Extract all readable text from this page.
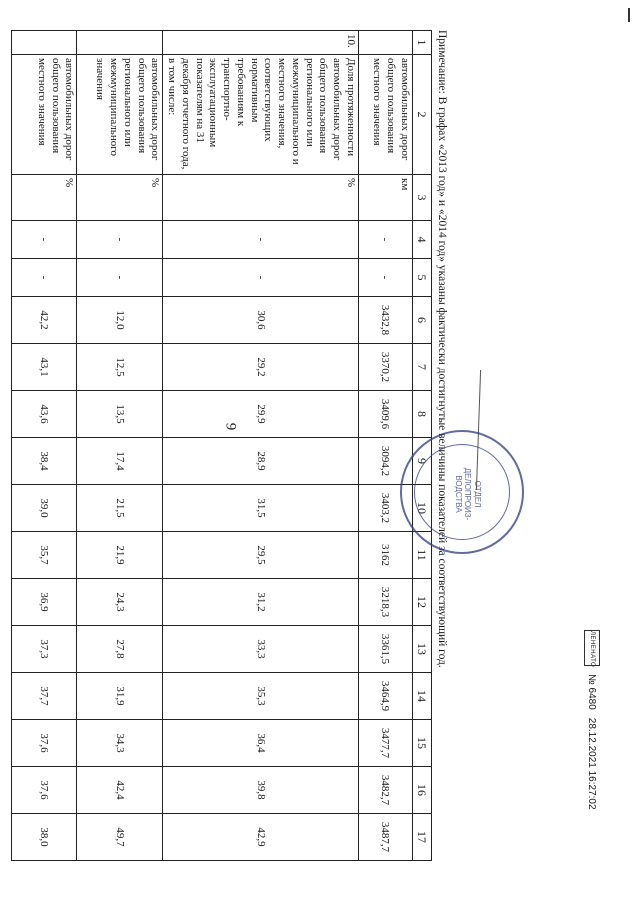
9
1	2	3	4	5	6	7	8	9	10	11	12	13	14	15	16	17
	автомобильных дорог общего пользования местного значения	км	-	-	3432,8	3370,2	3409,6	3094,2	3403,2	3162	3218,3	3361,5	3464,9	3477,7	3482,7	3487,7
10.	Доля протяженности автомобильных дорог общего пользования регионального или межмуниципального и местного значения, соответствующих нормативным требованиям к транспортно-эксплуатационным показателям на 31 декабря отчетного года, в том числе:	%	-	-	30,6	29,2	29,9	28,9	31,5	29,5	31,2	33,3	35,3	36,4	39,8	42,9
	автомобильных дорог общего пользования регионального или межмуниципального значения	%	-	-	12,0	12,5	13,5	17,4	21,5	21,9	24,3	27,8	31,9	34,3	42,4	49,7
	автомобильных дорог общего пользования местного значения	%	-	-	42,2	43,1	43,6	38,4	39,0	35,7	36,9	37,3	37,7	37,6	37,6	38,0
Примечание: В графах «2013 год» и «2014 год» указаны фактически достигнутые величины показателей за соответствующий год.	ОТДЕЛ ДЕЛОПРОИЗ-ВОДСТВА
ЛЕНЕНАТО
№ 6480
28.12.2021 16:27:02
